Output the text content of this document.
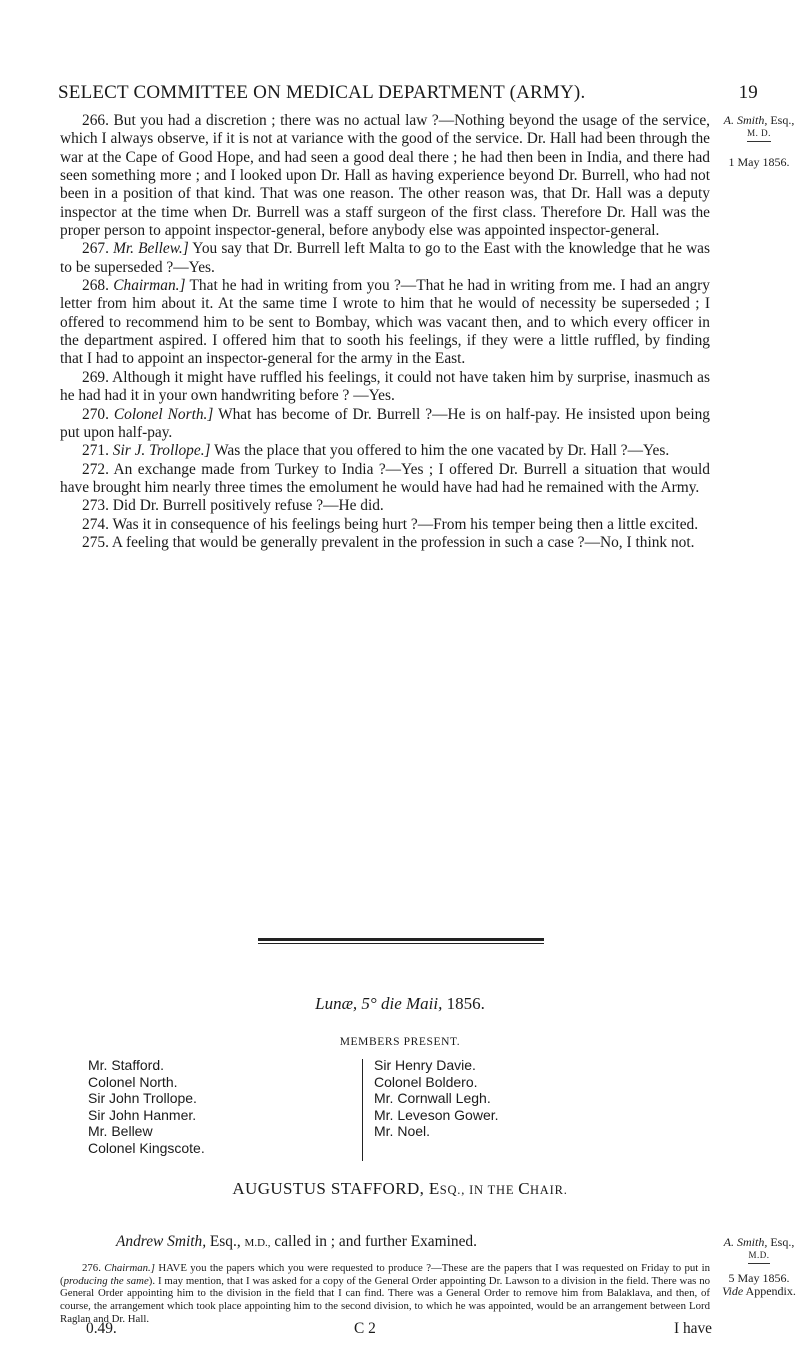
SELECT COMMITTEE ON MEDICAL DEPARTMENT (ARMY).	19
A. Smith, Esq.,
M. D.
1 May 1856.

266. But you had a discretion ; there was no actual law ?—Nothing beyond the usage of the service, which I always observe, if it is not at variance with the good of the service. Dr. Hall had been through the war at the Cape of Good Hope, and had seen a good deal there ; he had then been in India, and there had seen something more ; and I looked upon Dr. Hall as having experience beyond Dr. Burrell, who had not been in a position of that kind. That was one reason. The other reason was, that Dr. Hall was a deputy inspector at the time when Dr. Burrell was a staff surgeon of the first class. Therefore Dr. Hall was the proper person to appoint inspector-general, before anybody else was appointed inspector-general.

267. Mr. Bellew.] You say that Dr. Burrell left Malta to go to the East with the knowledge that he was to be superseded ?—Yes.

268. Chairman.] That he had in writing from you ?—That he had in writing from me. I had an angry letter from him about it. At the same time I wrote to him that he would of necessity be superseded ; I offered to recommend him to be sent to Bombay, which was vacant then, and to which every officer in the department aspired. I offered him that to sooth his feelings, if they were a little ruffled, by finding that I had to appoint an inspector-general for the army in the East.

269. Although it might have ruffled his feelings, it could not have taken him by surprise, inasmuch as he had had it in your own handwriting before ? —Yes.

270. Colonel North.] What has become of Dr. Burrell ?—He is on half-pay. He insisted upon being put upon half-pay.

271. Sir J. Trollope.] Was the place that you offered to him the one vacated by Dr. Hall ?—Yes.

272. An exchange made from Turkey to India ?—Yes ; I offered Dr. Burrell a situation that would have brought him nearly three times the emolument he would have had had he remained with the Army.

273. Did Dr. Burrell positively refuse ?—He did.

274. Was it in consequence of his feelings being hurt ?—From his temper being then a little excited.

275. A feeling that would be generally prevalent in the profession in such a case ?—No, I think not.

Lunæ, 5° die Maii, 1856.
MEMBERS PRESENT.
Mr. Stafford.
Colonel North.
Sir John Trollope.
Sir John Hanmer.
Mr. Bellew
Colonel Kingscote.
Sir Henry Davie.
Colonel Boldero.
Mr. Cornwall Legh.
Mr. Leveson Gower.
Mr. Noel.
AUGUSTUS STAFFORD, ESQ., IN THE CHAIR.
Andrew Smith, Esq., M.D., called in ; and further Examined.	A. Smith, Esq.,
M.D.
5 May 1856.
Vide Appendix.

276. Chairman.] HAVE you the papers which you were requested to produce ?—These are the papers that I was requested on Friday to put in (producing the same). I may mention, that I was asked for a copy of the General Order appointing Dr. Lawson to a division in the field. There was no General Order appointing him to the division in the field that I can find. There was a General Order to remove him from Balaklava, and then, of course, the arrangement which took place appointing him to the second division, to which he was appointed, would be an arrangement between Lord Raglan and Dr. Hall.

0.49.	C 2	I have
